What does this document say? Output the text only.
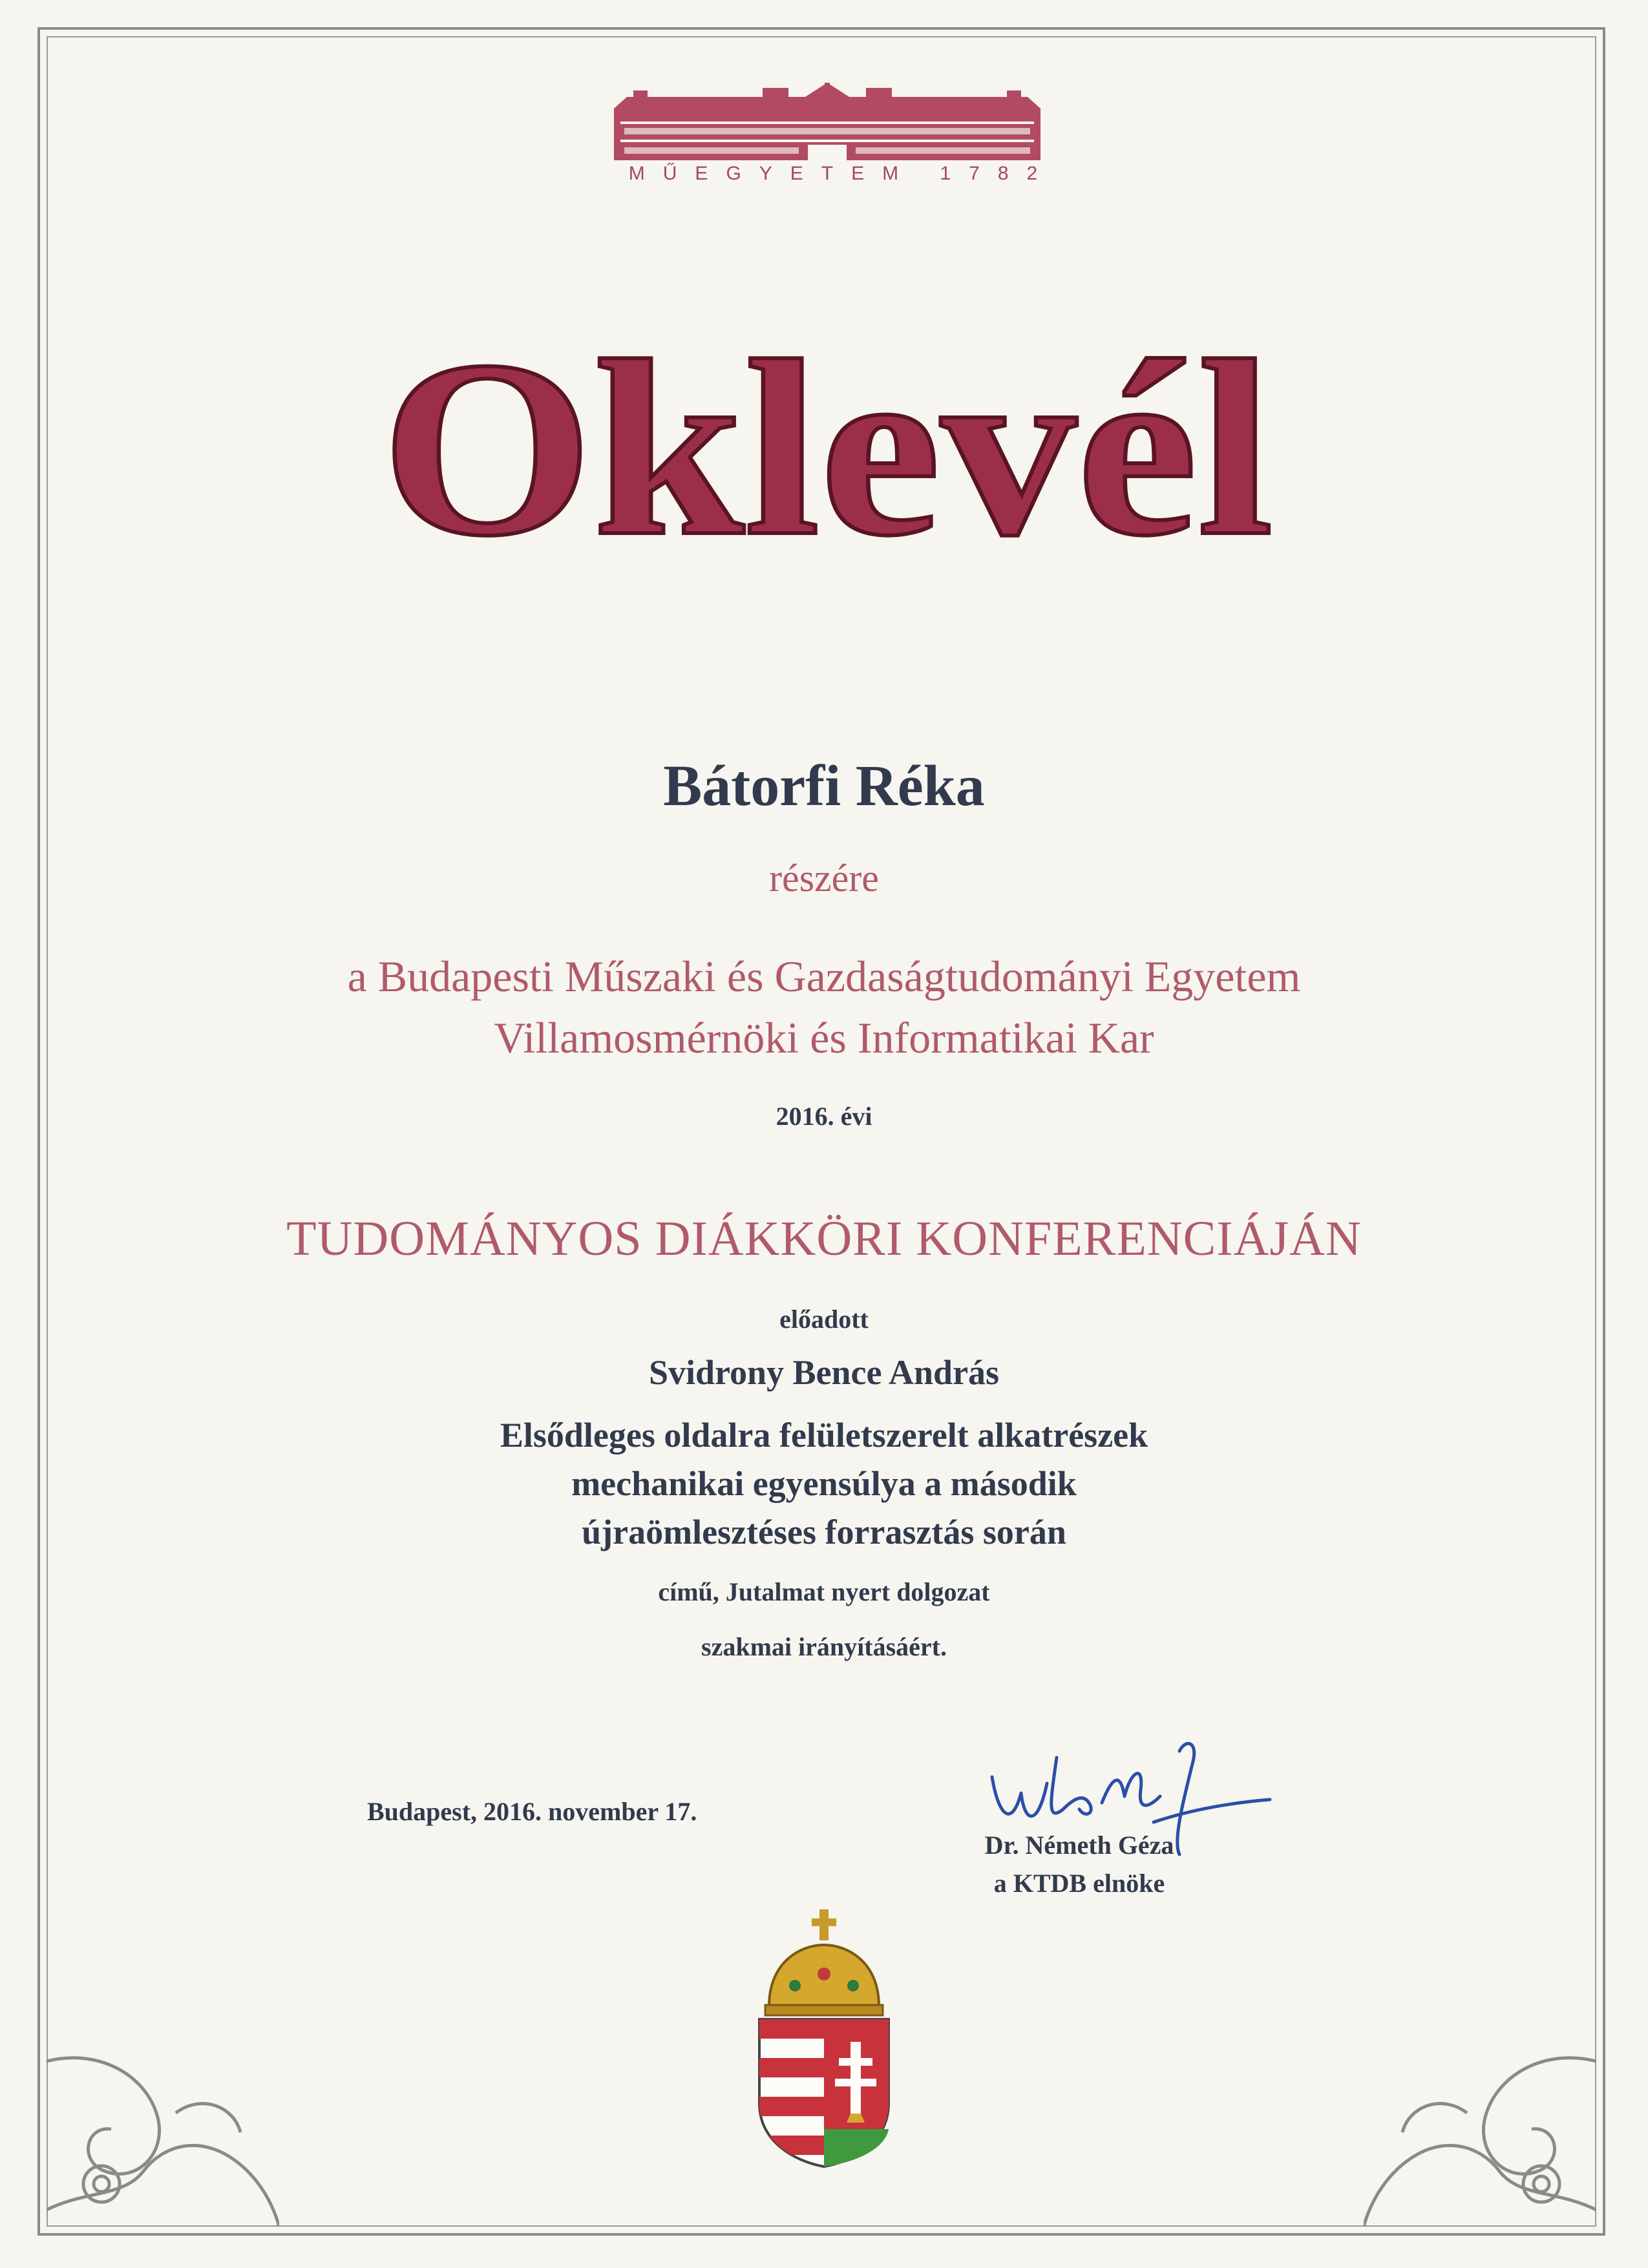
MŰEGYETEM 1782
Oklevél
Bátorfi Réka
részére
a Budapesti Műszaki és Gazdaságtudományi Egyetem
Villamosmérnöki és Informatikai Kar
2016. évi
TUDOMÁNYOS DIÁKKÖRI KONFERENCIÁJÁN
előadott
Svidrony Bence András
Elsődleges oldalra felületszerelt alkatrészek
mechanikai egyensúlya a második
újraömlesztéses forrasztás során
című, Jutalmat nyert dolgozat
szakmai irányításáért.
Budapest, 2016. november 17.
Dr. Németh Géza
a KTDB elnöke
